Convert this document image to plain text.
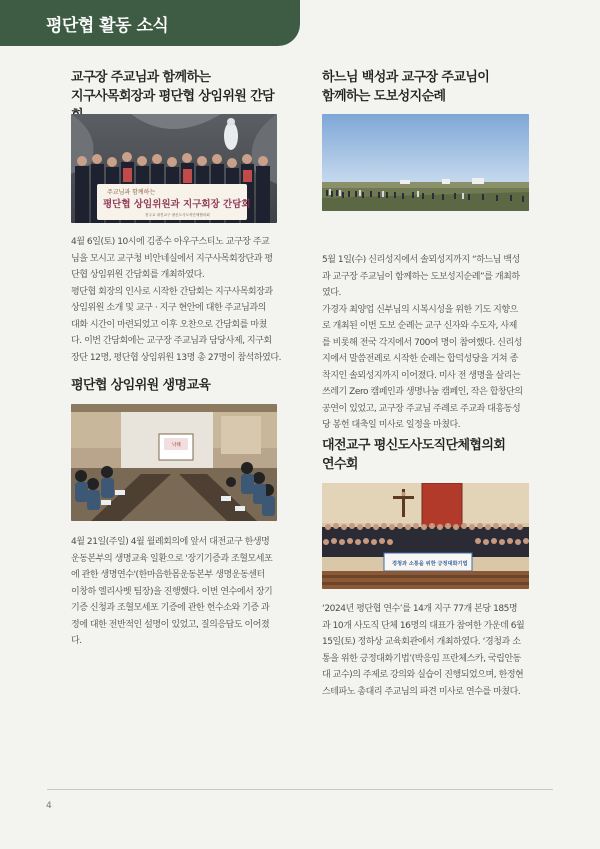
평단협 활동 소식

교구장 주교님과 함께하는

지구사목회장과 평단협 상임위원 간담

주교님과 함께하는
평단협 상임위원과 지구회장 간담회
천주교 대전교구 평신도사도직단체협의회

4월 6일(토) 10시에 김종수 아우구스티노 교구장 주교

님을 모시고 교구청 비안네실에서 지구사목회장단과 평

단협 상임위원 간담회를 개최하였다.

평단협 회장의 인사로 시작한 간담회는 지구사목회장과

상임위원 소개 및 교구 · 지구 현안에 대한 주교님과의

대화 시간이 마련되었고 이후 오찬으로 간담회를 마쳤

다. 이번 간담회에는 교구장 주교님과 담당사제, 지구회

장단 12명, 평단협 상임위원 13명 총 27명이 참석하였다.

평단협 상임위원 생명교육

낙태

4월 21일(주일) 4월 월례회의에 앞서 대전교구 한생명

운동본부의 생명교육 일환으로 '장기기증과 조혈모세포

에 관한 생명연수'(한마음한몸운동본부 생명운동센터

이창하 엘리사벳 팀장)을 진행했다. 이번 연수에서 장기

기증 신청과 조혈모세포 기증에 관한 헌수소와 기증 과

정에 대한 전반적인 설명이 있었고, 질의응답도 이어졌

다.

하느님 백성과 교구장 주교님이

함께하는 도보성지순례

5월 1일(수) 신리성지에서 솔뫼성지까지 “하느님 백성

과 교구장 주교님이 함께하는 도보성지순례”를 개최하

였다.

가경자 최양업 신부님의 시복시성을 위한 기도 지향으

로 개최된 이번 도보 순례는 교구 신자와 수도자, 사제

를 비롯해 전국 각지에서 700여 명이 참여했다. 신리성

지에서 말씀전례로 시작한 순례는 합덕성당을 거쳐 종

착지인 솔뫼성지까지 이어졌다. 미사 전 생명을 살리는

쓰레기 Zero 캠페인과 생명나눔 캠페인, 작은 합창단의

공연이 있었고, 교구장 주교님 주례로 주교좌 대흥동성

당 봉헌 대축일 미사로 일정을 마쳤다.

대전교구 평신도사도직단체협의회

연수회

경청과 소통을 위한 긍정대화기법

‘2024년 평단협 연수’를 14개 지구 77개 본당 185명

과 10개 사도직 단체 16명의 대표가 참여한 가운데 6월

15일(토) 정하상 교육회관에서 개최하였다. ‘경청과 소

통을 위한 긍정대화기법’(박응임 프란체스카, 국립안동

대 교수)의 주제로 강의와 실습이 진행되었으며, 한정현

스테파노 총대리 주교님의 파견 미사로 연수를 마쳤다.

4
